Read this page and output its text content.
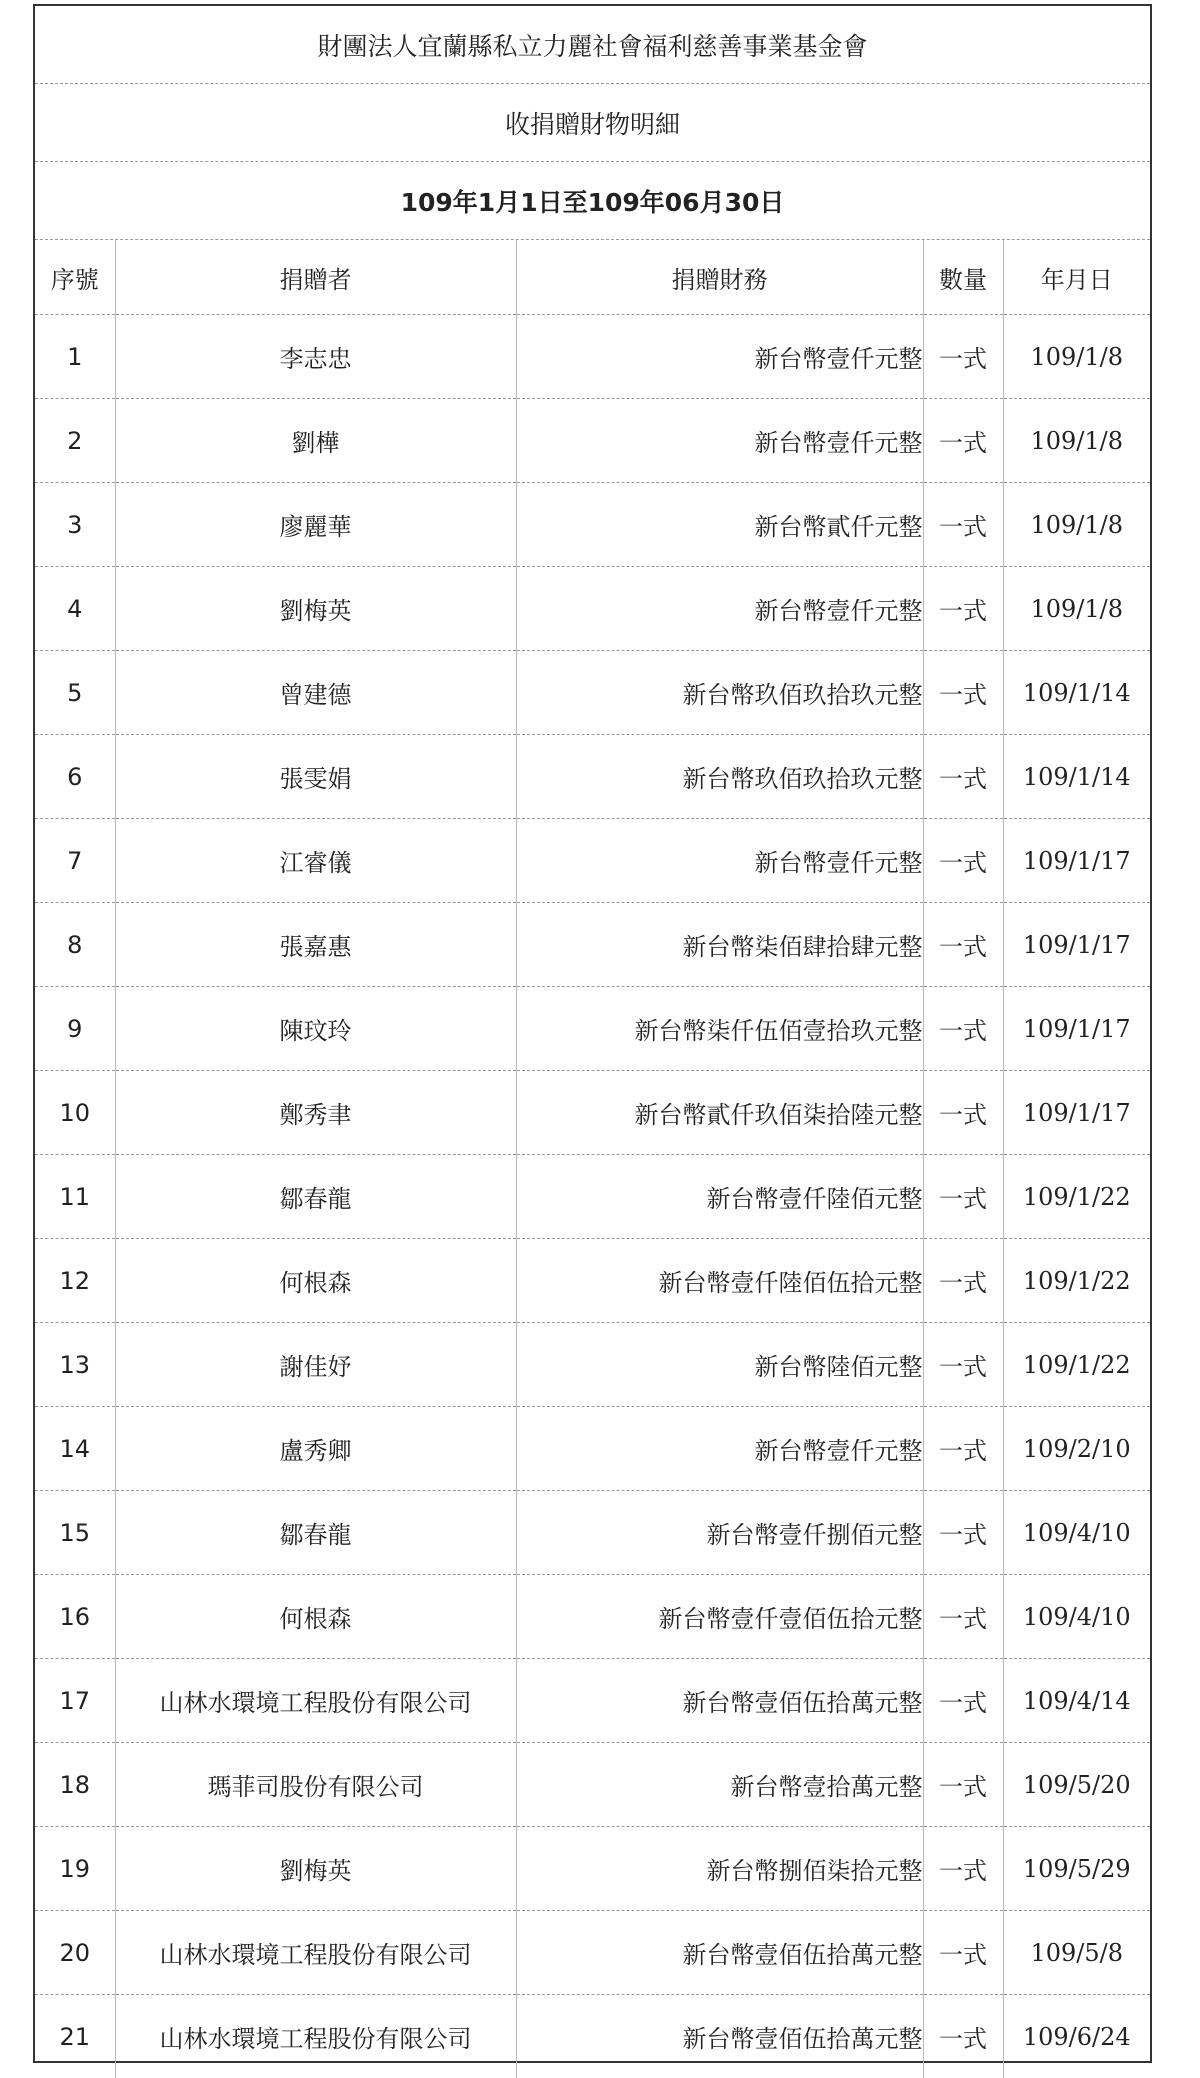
財團法人宜蘭縣私立力麗社會福利慈善事業基金會
收捐贈財物明細
109年1月1日至109年06月30日
序號	捐贈者	捐贈財務	數量	年月日
1	李志忠	新台幣壹仟元整	一式	109/1/8
2	劉樺	新台幣壹仟元整	一式	109/1/8
3	廖麗華	新台幣貳仟元整	一式	109/1/8
4	劉梅英	新台幣壹仟元整	一式	109/1/8
5	曾建德	新台幣玖佰玖拾玖元整	一式	109/1/14
6	張雯娟	新台幣玖佰玖拾玖元整	一式	109/1/14
7	江睿儀	新台幣壹仟元整	一式	109/1/17
8	張嘉惠	新台幣柒佰肆拾肆元整	一式	109/1/17
9	陳玟玲	新台幣柒仟伍佰壹拾玖元整	一式	109/1/17
10	鄭秀聿	新台幣貳仟玖佰柒拾陸元整	一式	109/1/17
11	鄒春龍	新台幣壹仟陸佰元整	一式	109/1/22
12	何根森	新台幣壹仟陸佰伍拾元整	一式	109/1/22
13	謝佳妤	新台幣陸佰元整	一式	109/1/22
14	盧秀卿	新台幣壹仟元整	一式	109/2/10
15	鄒春龍	新台幣壹仟捌佰元整	一式	109/4/10
16	何根森	新台幣壹仟壹佰伍拾元整	一式	109/4/10
17	山林水環境工程股份有限公司	新台幣壹佰伍拾萬元整	一式	109/4/14
18	瑪菲司股份有限公司	新台幣壹拾萬元整	一式	109/5/20
19	劉梅英	新台幣捌佰柒拾元整	一式	109/5/29
20	山林水環境工程股份有限公司	新台幣壹佰伍拾萬元整	一式	109/5/8
21	山林水環境工程股份有限公司	新台幣壹佰伍拾萬元整	一式	109/6/24
